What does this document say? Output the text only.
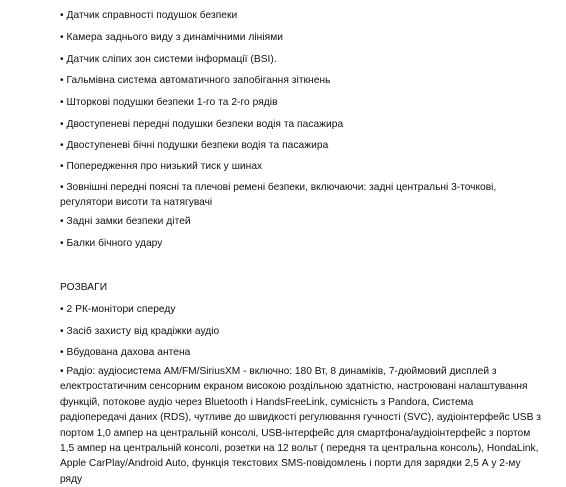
• Датчик справності подушок безпеки
• Камера заднього виду з динамічними лініями
• Датчик сліпих зон системи інформації (BSI).
• Гальмівна система автоматичного запобігання зіткнень
• Шторкові подушки безпеки 1-го та 2-го рядів
• Двоступеневі передні подушки безпеки водія та пасажира
• Двоступеневі бічні подушки безпеки водія та пасажира
• Попередження про низький тиск у шинах
• Зовнішні передні поясні та плечові ремені безпеки, включаючи: задні центральні 3-точкові,
регулятори висоти та натягувачі
• Задні замки безпеки дітей
• Балки бічного удару
РОЗВАГИ
• 2 РК-монітори спереду
• Засіб захисту від крадіжки аудіо
• Вбудована дахова антена
• Радіо: аудіосистема AM/FM/SiriusXM - включно: 180 Вт, 8 динаміків, 7-дюймовий дисплей з
електростатичним сенсорним екраном високою роздільною здатністю, настроювані налаштування
функцій, потокове аудіо через Bluetooth і HandsFreeLink, сумісність з Pandora, Система
радіопередачі даних (RDS), чутливе до швидкості регулювання гучності (SVC), аудіоінтерфейс USB з
портом 1,0 ампер на центральній консолі, USB-інтерфейс для смартфона/аудіоінтерфейс з портом
1,5 ампер на центральній консолі, розетки на 12 вольт ( передня та центральна консоль), HondaLink,
Apple CarPlay/Android Auto, функція текстових SMS-повідомлень і порти для зарядки 2,5 А у 2-му
ряду
